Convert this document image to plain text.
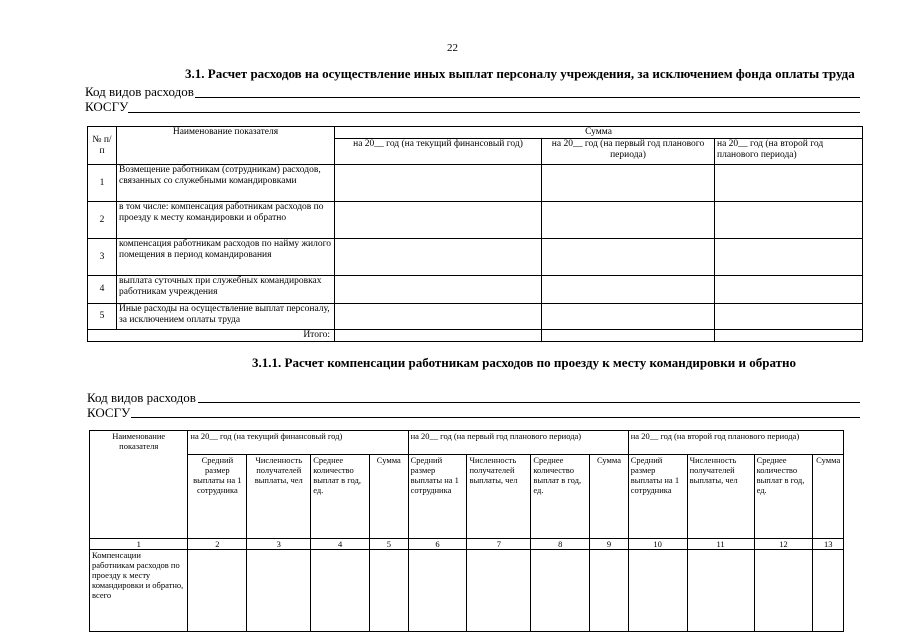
22
3.1. Расчет расходов на осуществление иных выплат персоналу учреждения, за исключением фонда оплаты труда
Код видов расходов
КОСГУ
№ п/п	Наименование показателя	Сумма		
		на 20__ год (на текущий финансовый год)	на 20__ год (на первый год планового периода)	на 20__ год (на второй год планового периода)
1	Возмещение работникам (сотрудникам) расходов, связанных со служебными командировками			
2	в том числе: компенсация работникам расходов по проезду к месту командировки и обратно			
3	компенсация работникам расходов по найму жилого помещения в период командирования			
4	выплата суточных при служебных командировках работникам учреждения			
5	Иные расходы на осуществление выплат персоналу, за исключением оплаты труда			
Итого:				
3.1.1. Расчет компенсации работникам расходов по проезду к месту командировки и обратно
Код видов расходов
КОСГУ
Наименование показателя	на 20__ год (на текущий финансовый год)				на 20__ год (на первый год планового периода)				на 20__ год (на второй год планового периода)			
	Средний размер выплаты на 1 сотрудника	Численность получателей выплаты, чел	Среднее количество выплат в год, ед.	Сумма	Средний размер выплаты на 1 сотрудника	Численность получателей выплаты, чел	Среднее количество выплат в год, ед.	Сумма	Средний размер выплаты на 1 сотрудника	Численность получателей выплаты, чел	Среднее количество выплат в год, ед.	Сумма
1	2	3	4	5	6	7	8	9	10	11	12	13
Компенсации работникам расходов по проезду к месту командировки и обратно, всего												
